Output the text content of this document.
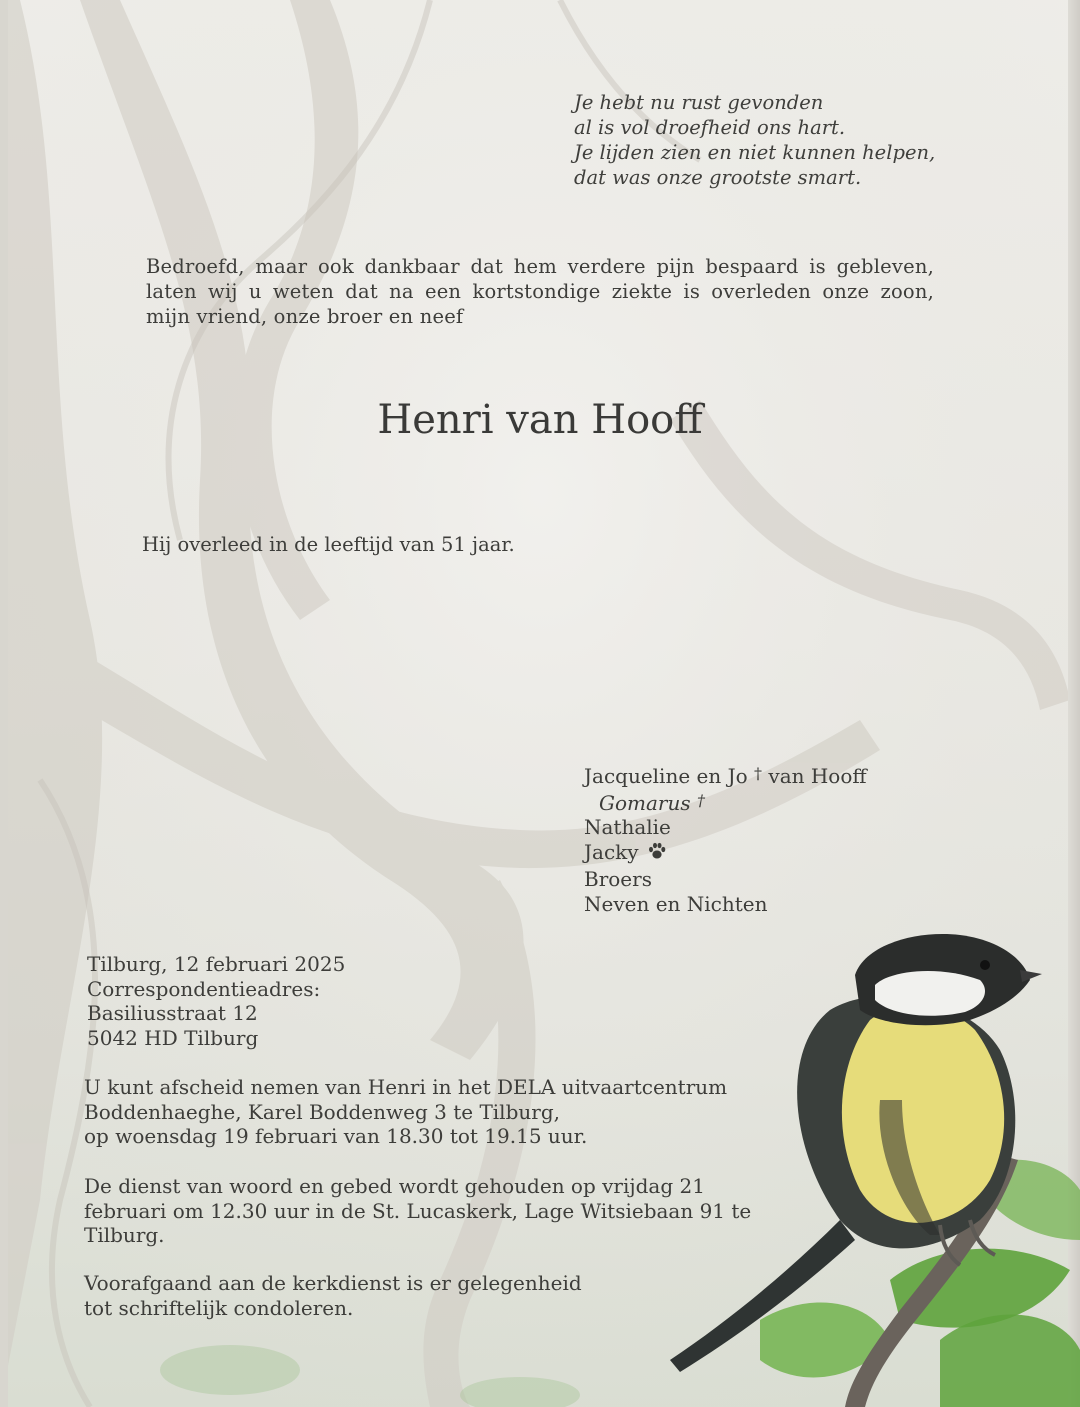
Je hebt nu rust gevonden
al is vol droefheid ons hart.
Je lijden zien en niet kunnen helpen,
dat was onze grootste smart.
Bedroefd, maar ook dankbaar dat hem verdere pijn bespaard is gebleven,
laten wij u weten dat na een kortstondige ziekte is overleden onze zoon,
mijn vriend, onze broer en neef
Henri van Hooff
Hij overleed in de leeftijd van 51 jaar.
Jacqueline en Jo † van Hooff
Gomarus †
Nathalie
Jacky
Broers
Neven en Nichten
Tilburg, 12 februari 2025
Correspondentieadres:
Basiliusstraat 12
5042 HD Tilburg
U kunt afscheid nemen van Henri in het DELA uitvaartcentrum
Boddenhaeghe, Karel Boddenweg 3 te Tilburg,
op woensdag 19 februari van 18.30 tot 19.15 uur.
De dienst van woord en gebed wordt gehouden op vrijdag 21
februari om 12.30 uur in de St. Lucaskerk, Lage Witsiebaan 91 te
Tilburg.
Voorafgaand aan de kerkdienst is er gelegenheid
tot schriftelijk condoleren.
